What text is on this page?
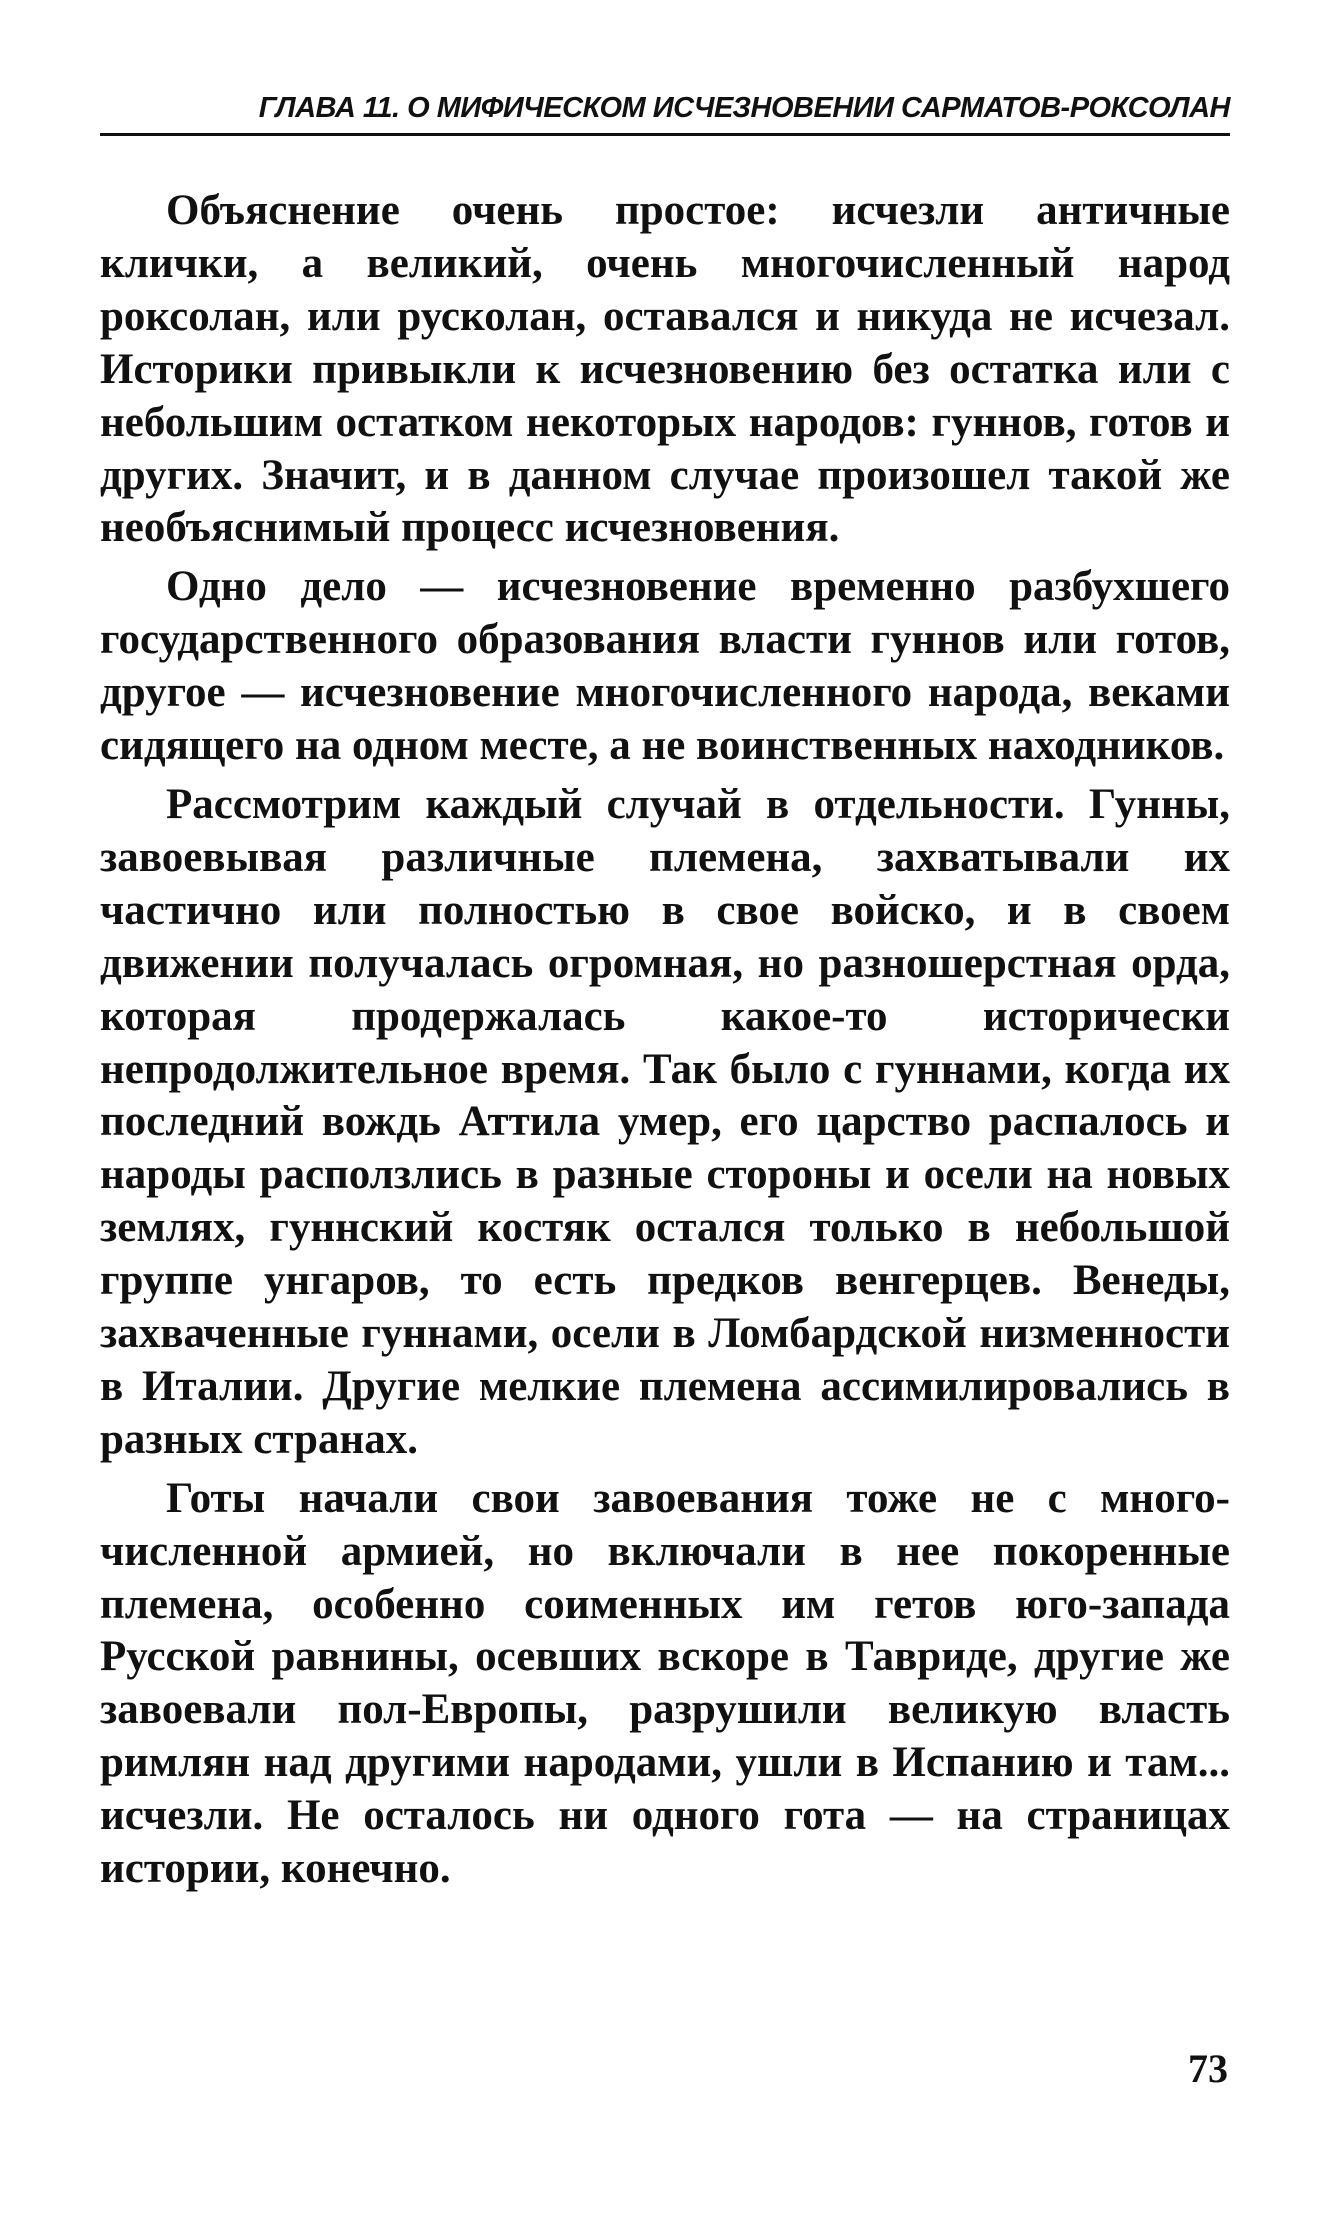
ГЛАВА 11. О МИФИЧЕСКОМ ИСЧЕЗНОВЕНИИ САРМАТОВ-РОКСОЛАН

Объяснение очень простое: исчезли античные клички, а великий, очень многочисленный народ роксолан, или русколан, оставался и никуда не исчезал. Историки привыкли к исчезновению без остатка или с небольшим остатком некоторых народов: гуннов, готов и других. Значит, и в данном случае произошел такой же необъяснимый процесс исчезновения.

Одно дело — исчезновение временно разбухшего государственного образования власти гуннов или готов, другое — исчезновение многочисленного народа, веками сидящего на одном месте, а не воинственных находников.

Рассмотрим каждый случай в отдельности. Гунны, завоевывая различные племена, захватывали их частично или полностью в свое войско, и в своем движении получалась огромная, но разношерстная орда, которая продержалась какое-то исторически непродолжительное время. Так было с гуннами, когда их последний вождь Аттила умер, его царство распалось и народы расползлись в разные стороны и осели на новых землях, гуннский костяк остался только в небольшой группе унгаров, то есть предков венгерцев. Венеды, захваченные гуннами, осели в Ломбардской низменности в Италии. Другие мелкие племена ассимилировались в разных странах.

Готы начали свои завоевания тоже не с многочисленной армией, но включали в нее покоренные племена, особенно соименных им гетов юго-запада Русской равнины, осевших вскоре в Тавриде, другие же завоевали пол-Европы, разрушили великую власть римлян над другими народами, ушли в Испанию и там... исчезли. Не осталось ни одного гота — на страницах истории, конечно.

73
